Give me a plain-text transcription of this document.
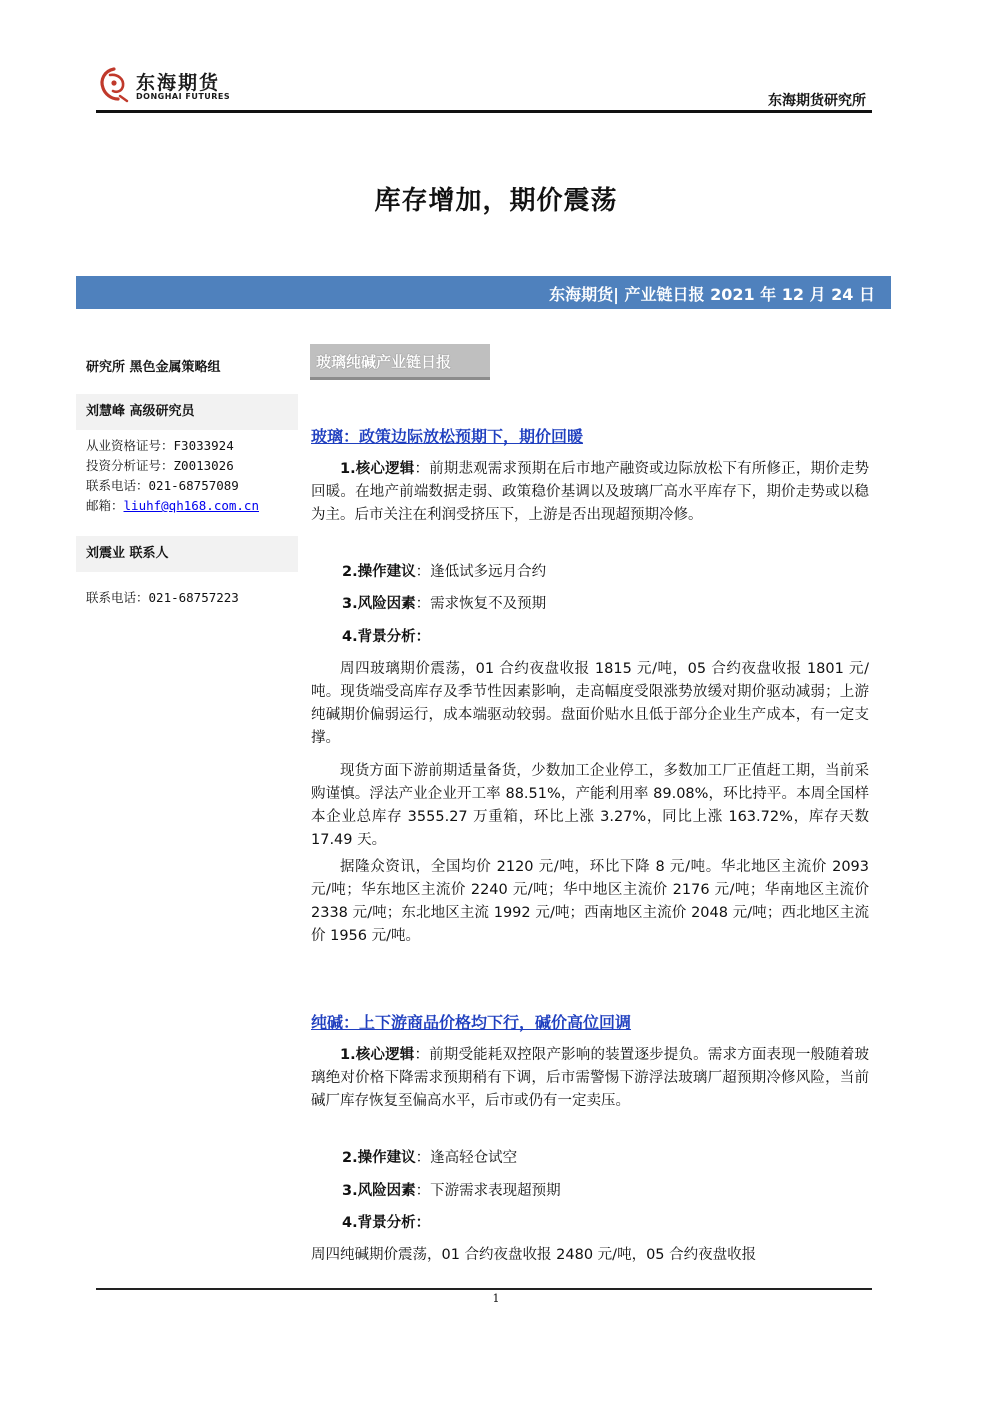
东海期货
DONGHAI FUTURES	东海期货研究所
库存增加，期价震荡
东海期货| 产业链日报 2021 年 12 月 24 日
研究所 黑色金属策略组
刘慧峰 高级研究员
从业资格证号：F3033924
投资分析证号：Z0013026
联系电话：021-68757089
邮箱：liuhf@qh168.com.cn
刘震业 联系人
联系电话：021-68757223
玻璃纯碱产业链日报
玻璃：政策边际放松预期下，期价回暖

1.核心逻辑：前期悲观需求预期在后市地产融资或边际放松下有所修正，期价走势回暖。在地产前端数据走弱、政策稳价基调以及玻璃厂高水平库存下，期价走势或以稳为主。后市关注在利润受挤压下，上游是否出现超预期冷修。

2.操作建议：逢低试多远月合约
3.风险因素：需求恢复不及预期
4.背景分析：

周四玻璃期价震荡，01 合约夜盘收报 1815 元/吨，05 合约夜盘收报 1801 元/吨。现货端受高库存及季节性因素影响，走高幅度受限涨势放缓对期价驱动减弱；上游纯碱期价偏弱运行，成本端驱动较弱。盘面价贴水且低于部分企业生产成本，有一定支撑。

现货方面下游前期适量备货，少数加工企业停工，多数加工厂正值赶工期，当前采购谨慎。浮法产业企业开工率 88.51%，产能利用率 89.08%，环比持平。本周全国样本企业总库存 3555.27 万重箱，环比上涨 3.27%，同比上涨 163.72%，库存天数 17.49 天。

据隆众资讯，全国均价 2120 元/吨，环比下降 8 元/吨。华北地区主流价 2093 元/吨；华东地区主流价 2240 元/吨；华中地区主流价 2176 元/吨；华南地区主流价 2338 元/吨；东北地区主流 1992 元/吨；西南地区主流价 2048 元/吨；西北地区主流价 1956 元/吨。

纯碱：上下游商品价格均下行，碱价高位回调

1.核心逻辑：前期受能耗双控限产影响的装置逐步提负。需求方面表现一般随着玻璃绝对价格下降需求预期稍有下调，后市需警惕下游浮法玻璃厂超预期冷修风险，当前碱厂库存恢复至偏高水平，后市或仍有一定卖压。

2.操作建议：逢高轻仓试空
3.风险因素：下游需求表现超预期
4.背景分析：

周四纯碱期价震荡，01 合约夜盘收报 2480 元/吨，05 合约夜盘收报

1
